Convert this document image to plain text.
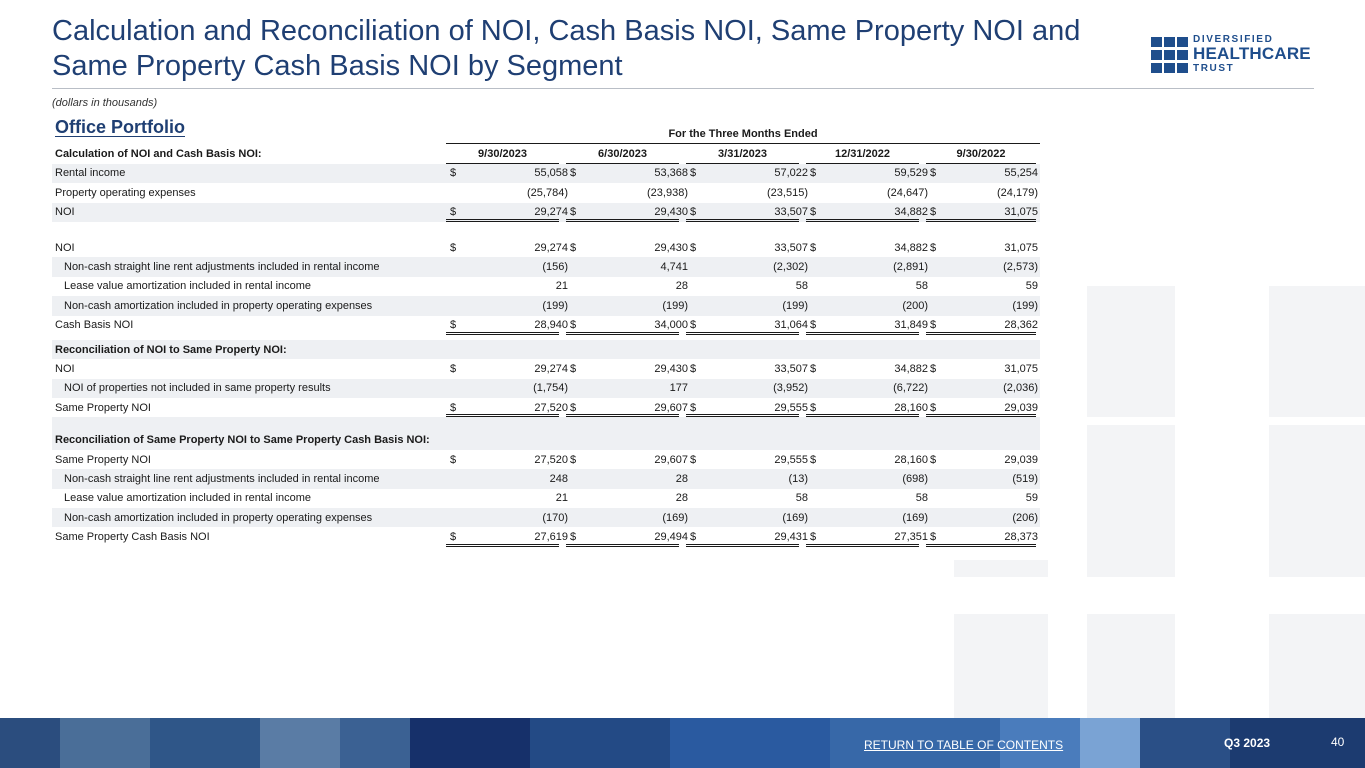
Calculation and Reconciliation of NOI, Cash Basis NOI, Same Property NOI and
Same Property Cash Basis NOI by Segment
(dollars in thousands)
DIVERSIFIED
HEALTHCARE
TRUST
Office Portfolio	For the Three Months Ended
Calculation of NOI and Cash Basis NOI:	9/30/2023	6/30/2023	3/31/2023	12/31/2022	9/30/2022
Rental income	$	55,058 $	53,368 $	57,022 $	59,529 $	55,254
Property operating expenses	(25,784)	(23,938)	(23,515)	(24,647)	(24,179)
NOI	$	29,274 $	29,430 $	33,507 $	34,882 $	31,075
NOI	$	29,274 $	29,430 $	33,507 $	34,882 $	31,075
Non-cash straight line rent adjustments included in rental income	(156)	4,741	(2,302)	(2,891)	(2,573)
Lease value amortization included in rental income	21	28	58	58	59
Non-cash amortization included in property operating expenses	(199)	(199)	(199)	(200)	(199)
Cash Basis NOI	$	28,940 $	34,000 $	31,064 $	31,849 $	28,362
Reconciliation of NOI to Same Property NOI:
NOI	$	29,274 $	29,430 $	33,507 $	34,882 $	31,075
NOI of properties not included in same property results	(1,754)	177	(3,952)	(6,722)	(2,036)
Same Property NOI	$	27,520 $	29,607 $	29,555 $	28,160 $	29,039
Reconciliation of Same Property NOI to Same Property Cash Basis NOI:
Same Property NOI	$	27,520 $	29,607 $	29,555 $	28,160 $	29,039
Non-cash straight line rent adjustments included in rental income	248	28	(13)	(698)	(519)
Lease value amortization included in rental income	21	28	58	58	59
Non-cash amortization included in property operating expenses	(170)	(169)	(169)	(169)	(206)
Same Property Cash Basis NOI	$	27,619 $	29,494 $	29,431 $	27,351 $	28,373
RETURN TO TABLE OF CONTENTS	Q3 2023	40
